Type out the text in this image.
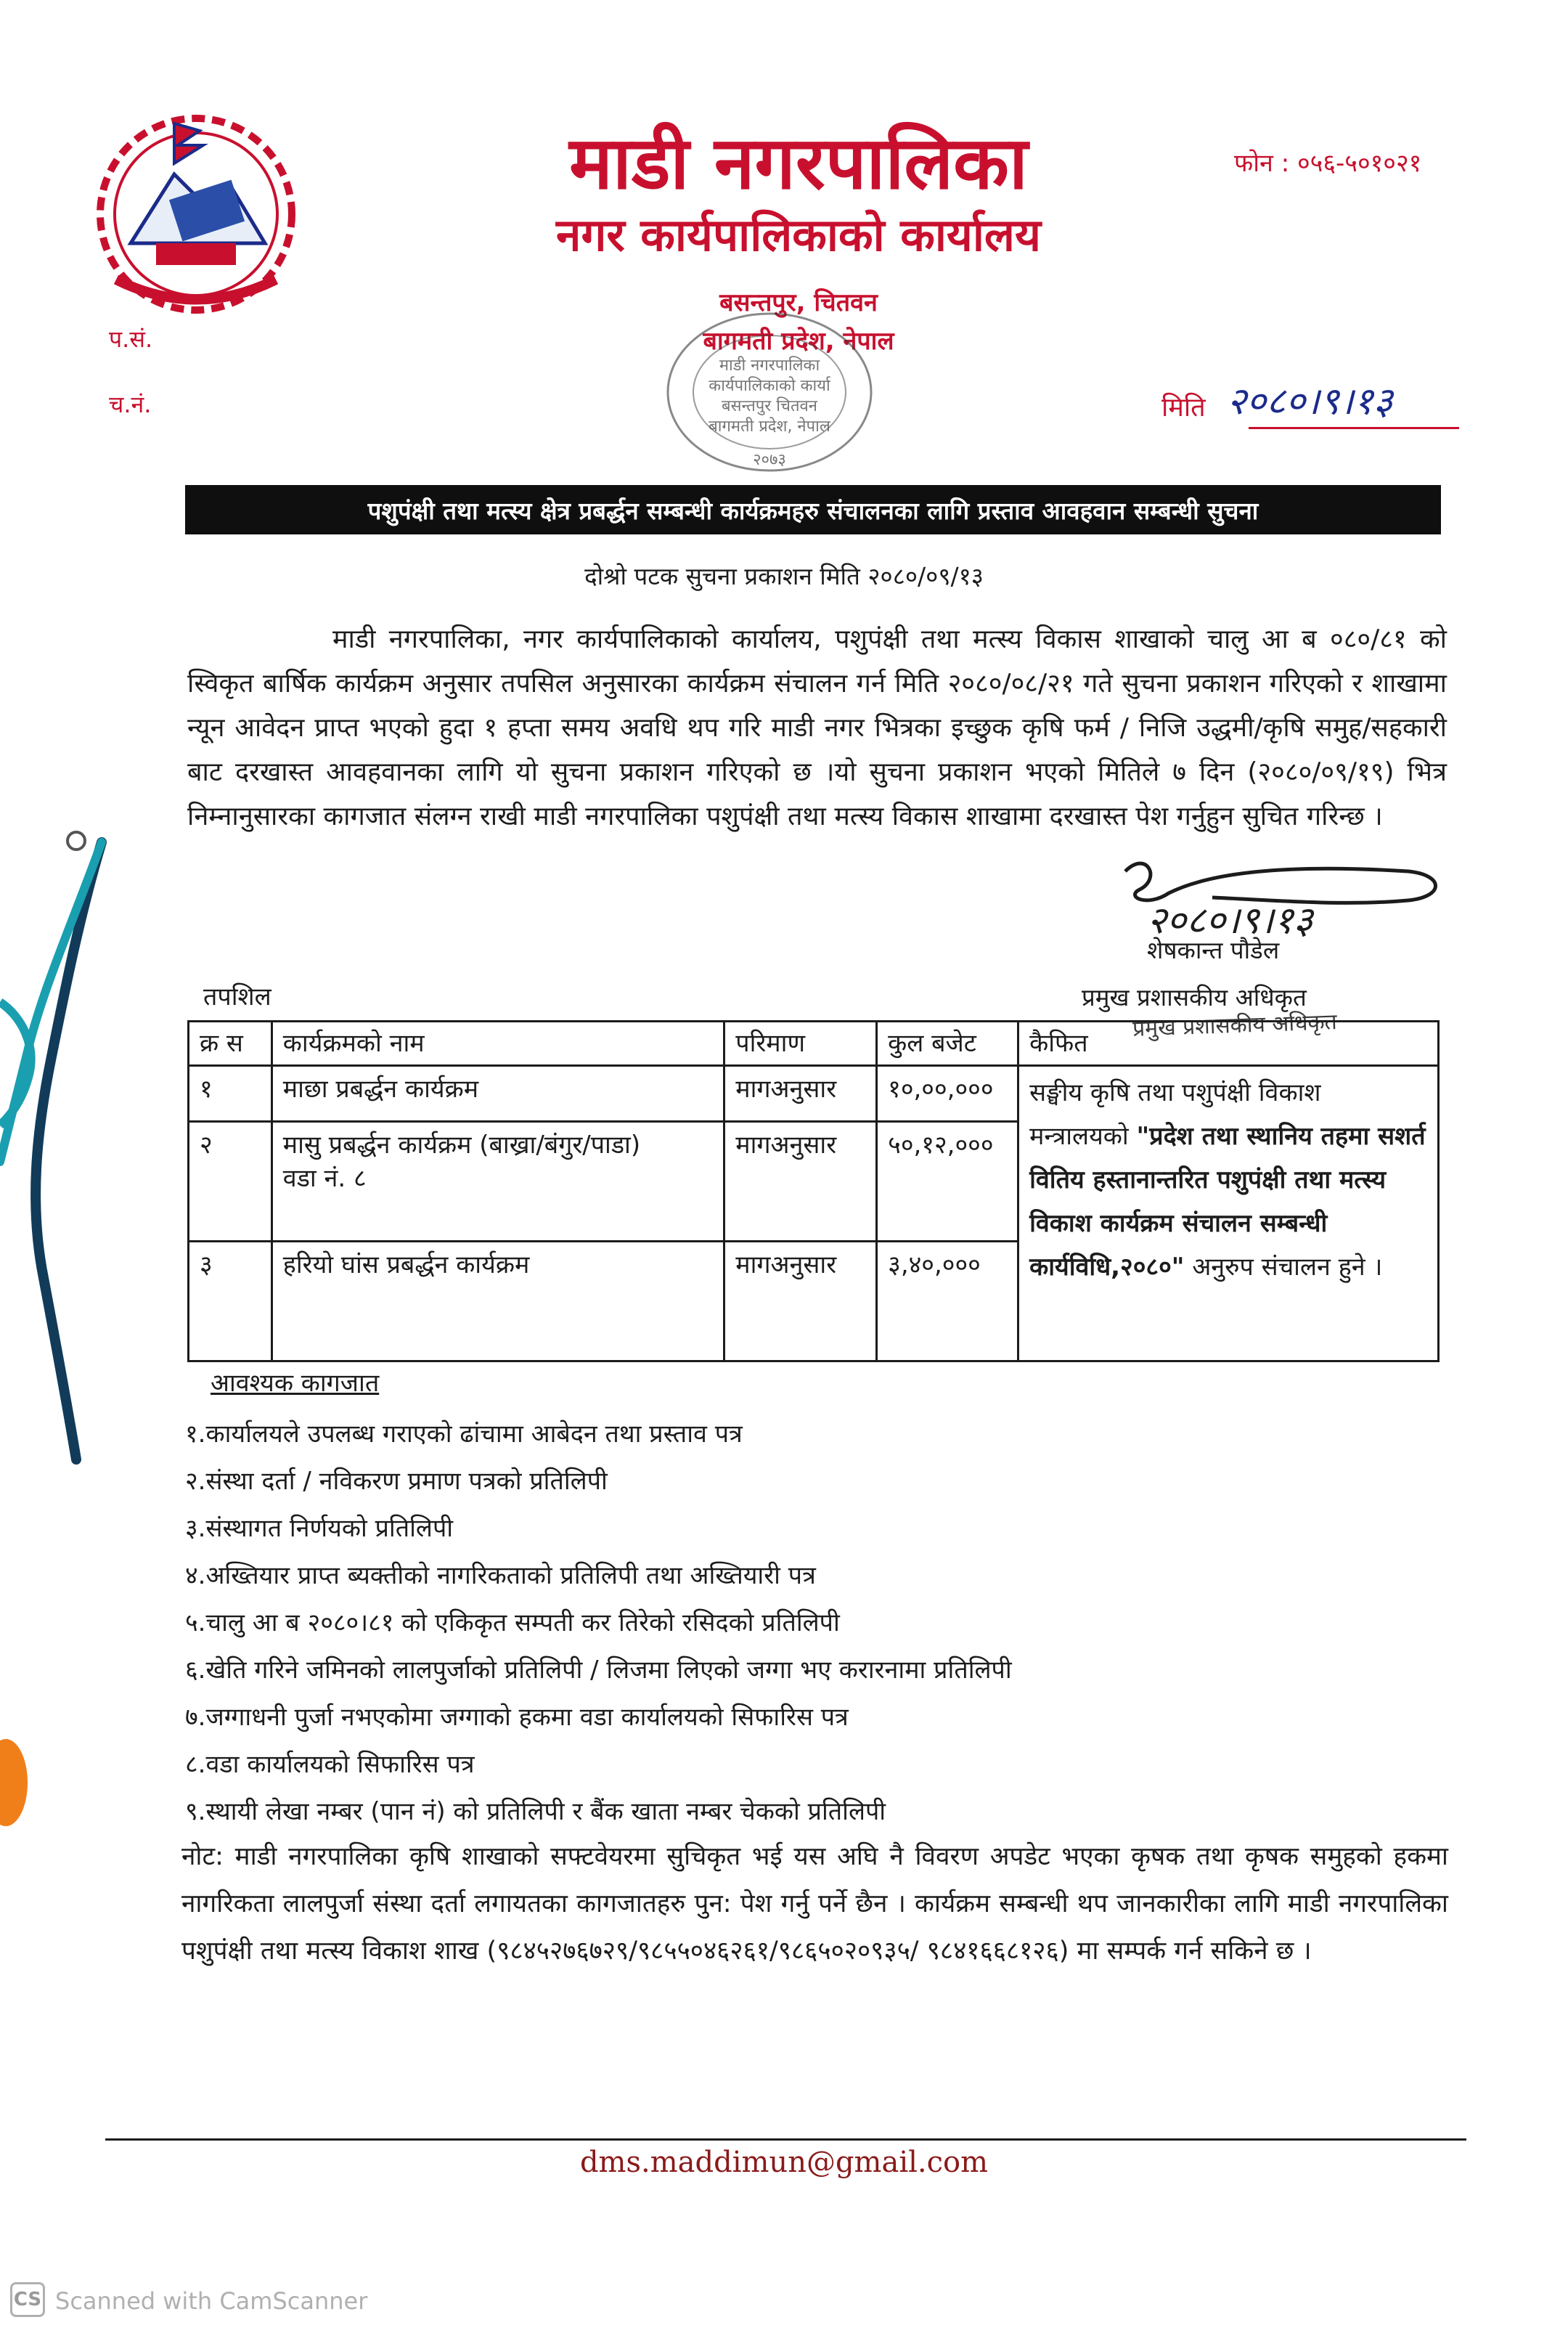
माडी नगरपालिका
नगर कार्यपालिकाको कार्यालय
बसन्तपुर, चितवन
बागमती प्रदेश, नेपाल
फोन : ०५६-५०१०२१
प.सं.
च.नं.	मिति २०८०।९।१३
माडी नगरपालिका
कार्यपालिकाको कार्या
बसन्तपुर चितवन
बागमती प्रदेश, नेपाल
२०७३
पशुपंक्षी तथा मत्स्य क्षेत्र प्रबर्द्धन सम्बन्धी कार्यक्रमहरु संचालनका लागि प्रस्ताव आवहवान सम्बन्धी सुचना
दोश्रो पटक सुचना प्रकाशन मिति २०८०/०९/१३

माडी नगरपालिका, नगर कार्यपालिकाको कार्यालय, पशुपंक्षी तथा मत्स्य विकास शाखाको चालु आ ब ०८०/८१ को स्विकृत बार्षिक कार्यक्रम अनुसार तपसिल अनुसारका कार्यक्रम संचालन गर्न मिति २०८०/०८/२१ गते सुचना प्रकाशन गरिएको र शाखामा न्यून आवेदन प्राप्त भएको हुदा १ हप्ता समय अवधि थप गरि माडी नगर भित्रका इच्छुक कृषि फर्म / निजि उद्धमी/कृषि समुह/सहकारी बाट दरखास्त आवहवानका लागि यो सुचना प्रकाशन गरिएको छ ।यो सुचना प्रकाशन भएको मितिले ७ दिन (२०८०/०९/१९) भित्र निम्नानुसारका कागजात संलग्न राखी माडी नगरपालिका पशुपंक्षी तथा मत्स्य विकास शाखामा दरखास्त पेश गर्नुहुन सुचित गरिन्छ ।

२०८०।९।१३
शेषकान्त पौडेल
प्रमुख प्रशासकीय अधिकृत
प्रमुख प्रशासकीय अधिकृत
तपशिल
क्र स	कार्यक्रमको नाम	परिमाण	कुल बजेट	कैफित
१	माछा प्रबर्द्धन कार्यक्रम	मागअनुसार	१०,००,०००	सङ्घीय कृषि तथा पशुपंक्षी विकाश मन्त्रालयको "प्रदेश तथा स्थानिय तहमा सशर्त वितिय हस्तानान्तरित पशुपंक्षी तथा मत्स्य विकाश कार्यक्रम संचालन सम्बन्धी कार्यविधि,२०८०" अनुरुप संचालन हुने ।
२	मासु प्रबर्द्धन कार्यक्रम (बाख्रा/बंगुर/पाडा)
वडा नं. ८	मागअनुसार	५०,१२,०००	
३	हरियो घांस प्रबर्द्धन कार्यक्रम	मागअनुसार	३,४०,०००	
आवश्यक कागजात
१.कार्यालयले उपलब्ध गराएको ढांचामा आबेदन तथा प्रस्ताव पत्र
२.संस्था दर्ता / नविकरण प्रमाण पत्रको प्रतिलिपी
३.संस्थागत निर्णयको प्रतिलिपी
४.अख्तियार प्राप्त ब्यक्तीको नागरिकताको प्रतिलिपी तथा अख्तियारी पत्र
५.चालु आ ब २०८०।८१ को एकिकृत सम्पती कर तिरेको रसिदको प्रतिलिपी
६.खेति गरिने जमिनको लालपुर्जाको प्रतिलिपी / लिजमा लिएको जग्गा भए करारनामा प्रतिलिपी
७.जग्गाधनी पुर्जा नभएकोमा जग्गाको हकमा वडा कार्यालयको सिफारिस पत्र
८.वडा कार्यालयको सिफारिस पत्र
९.स्थायी लेखा नम्बर (पान नं) को प्रतिलिपी र बैंक खाता नम्बर चेकको प्रतिलिपी

नोट: माडी नगरपालिका कृषि शाखाको सफ्टवेयरमा सुचिकृत भई यस अघि नै विवरण अपडेट भएका कृषक तथा कृषक समुहको हकमा नागरिकता लालपुर्जा संस्था दर्ता लगायतका कागजातहरु पुन: पेश गर्नु पर्ने छैन । कार्यक्रम सम्बन्धी थप जानकारीका लागि माडी नगरपालिका पशुपंक्षी तथा मत्स्य विकाश शाख (९८४५२७६७२९/९८५५०४६२६१/९८६५०२०९३५/ ९८४१६६८१२६) मा सम्पर्क गर्न सकिने छ ।

dms.maddimun@gmail.com
CS Scanned with CamScanner
